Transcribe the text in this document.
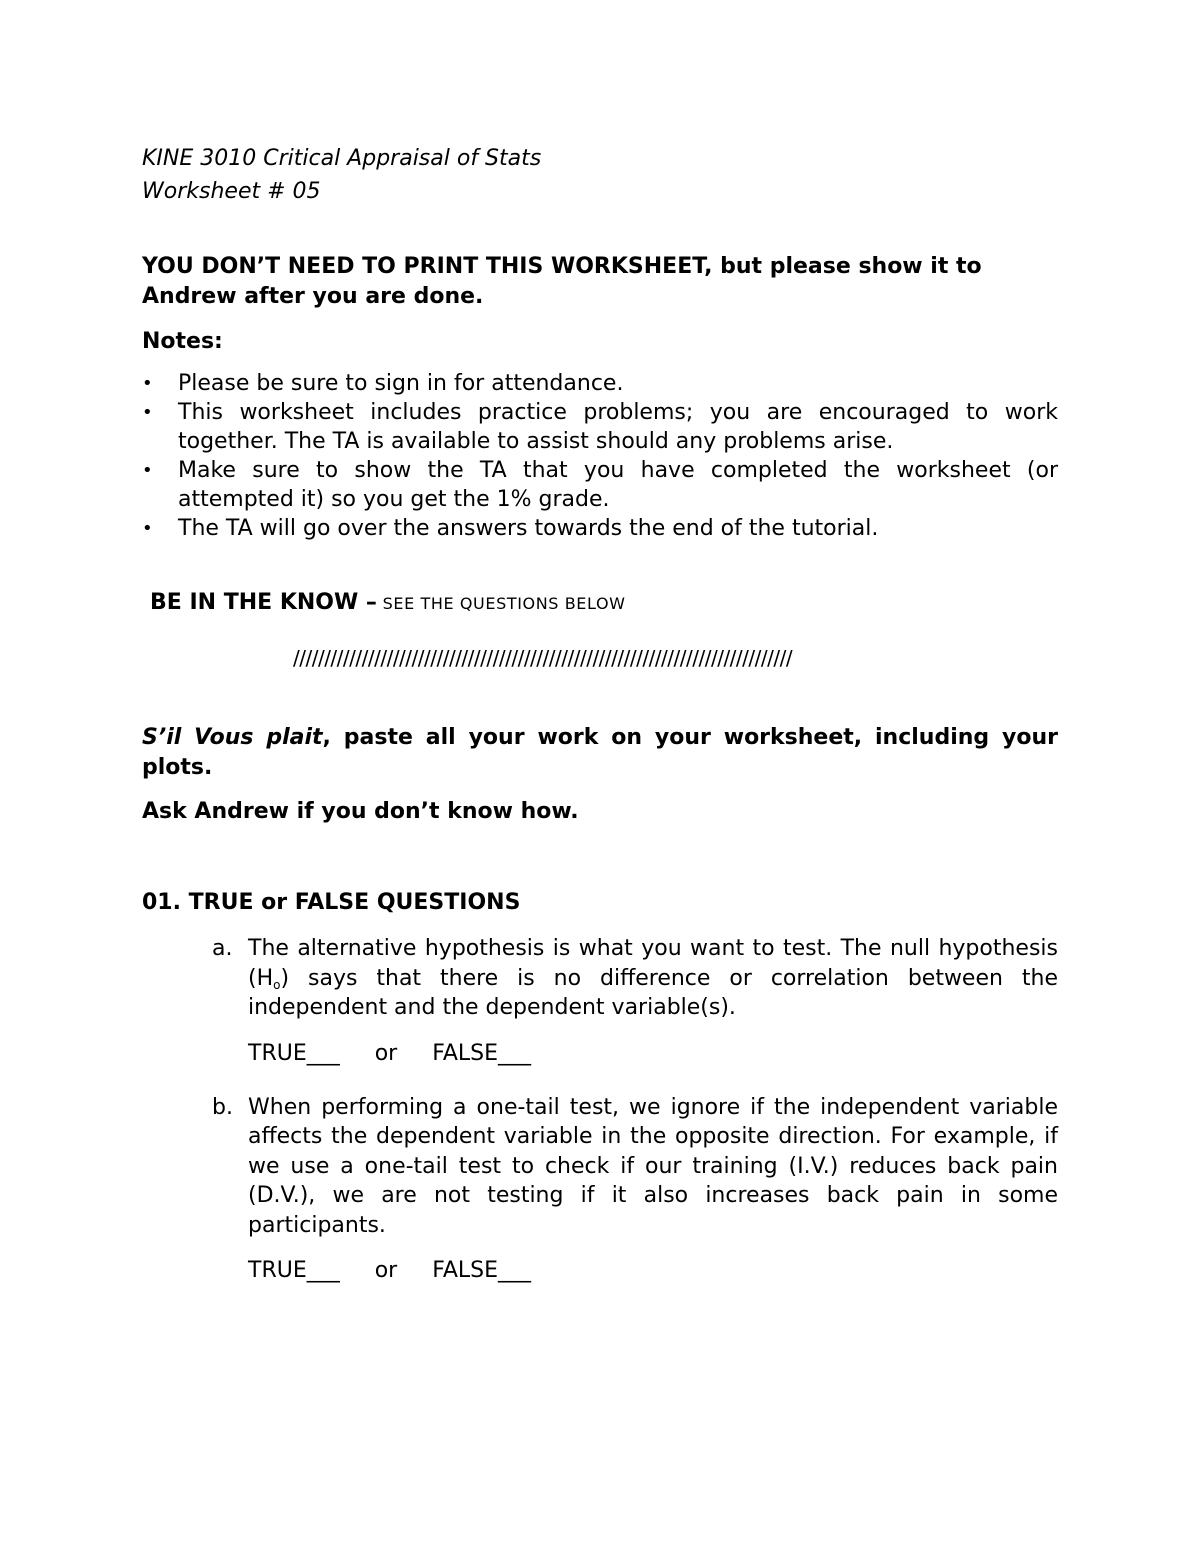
KINE 3010 Critical Appraisal of Stats

Worksheet # 05

YOU DON’T NEED TO PRINT THIS WORKSHEET, but please show it to Andrew after you are done.

Notes:

•	Please be sure to sign in for attendance.
•	This worksheet includes practice problems; you are encouraged to work together. The TA is available to assist should any problems arise.
•	Make sure to show the TA that you have completed the worksheet (or attempted it) so you get the 1% grade.
•	The TA will go over the answers towards the end of the tutorial.

BE IN THE KNOW – SEE THE QUESTIONS BELOW

////////////////////////////////////////////////////////////////////////////////

S’il Vous plait, paste all your work on your worksheet, including your plots.

Ask Andrew if you don’t know how.

01. TRUE or FALSE QUESTIONS

a. The alternative hypothesis is what you want to test. The null hypothesis $(H_o)$ says that there is no difference or correlation between the independent and the dependent variable(s).

TRUE___ or FALSE___

b. When performing a one-tail test, we ignore if the independent variable affects the dependent variable in the opposite direction. For example, if we use a one-tail test to check if our training (I.V.) reduces back pain (D.V.), we are not testing if it also increases back pain in some participants.

TRUE___ or FALSE___
